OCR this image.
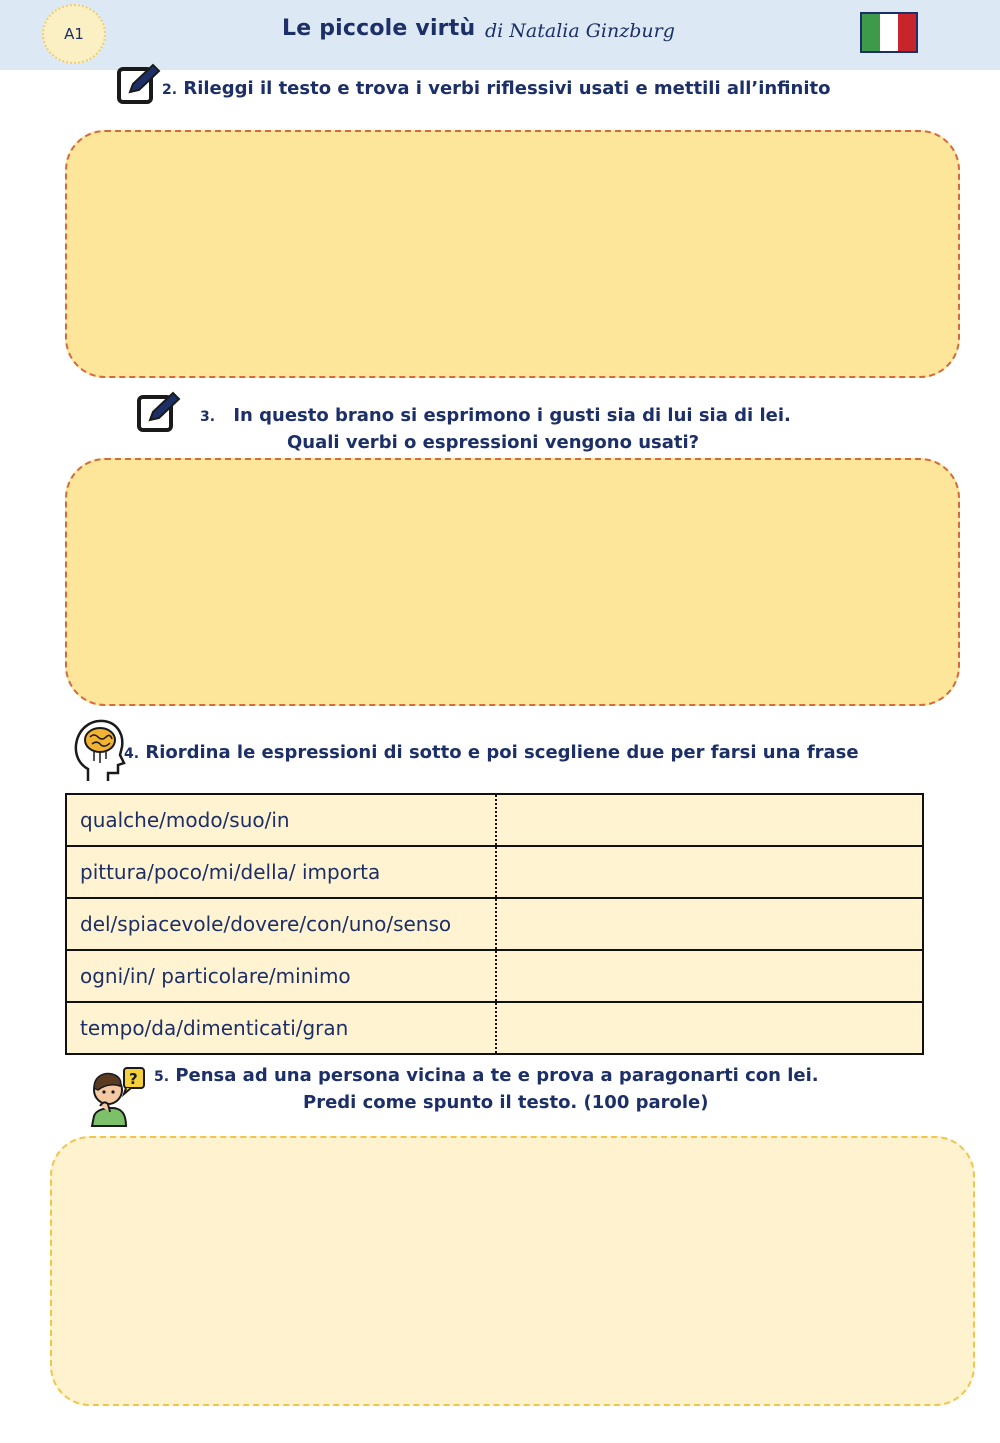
A1	Le piccole virtù di Natalia Ginzburg
2. Rileggi il testo e trova i verbi riflessivi usati e mettili all’infinito
3. In questo brano si esprimono i gusti sia di lui sia di lei.
Quali verbi o espressioni vengono usati?
4. Riordina le espressioni di sotto e poi sceglienе due per farsi una frase
qualche/modo/suo/in	
pittura/poco/mi/della/ importa	
del/spiacevole/dovere/con/uno/senso	
ogni/in/ particolare/minimo	
tempo/da/dimenticati/gran	
? 5. Pensa ad una persona vicina a te e prova a paragonarti con lei.
Predi come spunto il testo. (100 parole)
